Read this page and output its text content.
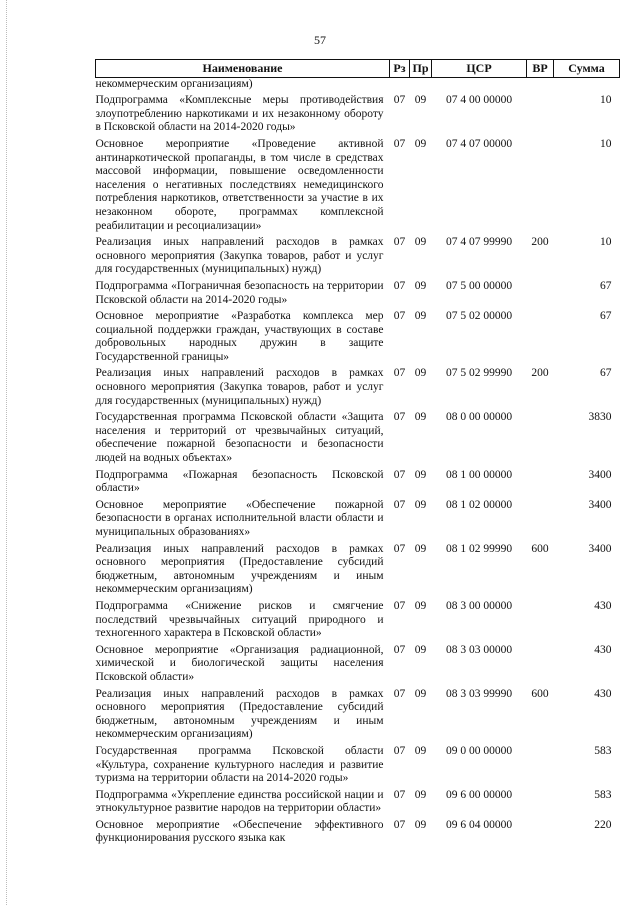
57
Наименование	Рз	Пр	ЦСР	ВР	Сумма
некоммерческим организациям)					
Подпрограмма «Комплексные меры противодействия злоупотреблению наркотиками и их незаконному обороту в Псковской области на 2014-2020 годы»	07	09	07 4 00 00000		10
Основное мероприятие «Проведение активной антинаркотической пропаганды, в том числе в средствах массовой информации, повышение осведомленности населения о негативных последствиях немедицинского потребления наркотиков, ответственности за участие в их незаконном обороте, программах комплексной реабилитации и ресоциализации»	07	09	07 4 07 00000		10
Реализация иных направлений расходов в рамках основного мероприятия (Закупка товаров, работ и услуг для государственных (муниципальных) нужд)	07	09	07 4 07 99990	200	10
Подпрограмма «Пограничная безопасность на территории Псковской области на 2014-2020 годы»	07	09	07 5 00 00000		67
Основное мероприятие «Разработка комплекса мер социальной поддержки граждан, участвующих в составе добровольных народных дружин в защите Государственной границы»	07	09	07 5 02 00000		67
Реализация иных направлений расходов в рамках основного мероприятия (Закупка товаров, работ и услуг для государственных (муниципальных) нужд)	07	09	07 5 02 99990	200	67
Государственная программа Псковской области «Защита населения и территорий от чрезвычайных ситуаций, обеспечение пожарной безопасности и безопасности людей на водных объектах»	07	09	08 0 00 00000		3830
Подпрограмма «Пожарная безопасность Псковской области»	07	09	08 1 00 00000		3400
Основное мероприятие «Обеспечение пожарной безопасности в органах исполнительной власти области и муниципальных образованиях»	07	09	08 1 02 00000		3400
Реализация иных направлений расходов в рамках основного мероприятия (Предоставление субсидий бюджетным, автономным учреждениям и иным некоммерческим организациям)	07	09	08 1 02 99990	600	3400
Подпрограмма «Снижение рисков и смягчение последствий чрезвычайных ситуаций природного и техногенного характера в Псковской области»	07	09	08 3 00 00000		430
Основное мероприятие «Организация радиационной, химической и биологической защиты населения Псковской области»	07	09	08 3 03 00000		430
Реализация иных направлений расходов в рамках основного мероприятия (Предоставление субсидий бюджетным, автономным учреждениям и иным некоммерческим организациям)	07	09	08 3 03 99990	600	430
Государственная программа Псковской области «Культура, сохранение культурного наследия и развитие туризма на территории области на 2014-2020 годы»	07	09	09 0 00 00000		583
Подпрограмма «Укрепление единства российской нации и этнокультурное развитие народов на территории области»	07	09	09 6 00 00000		583
Основное мероприятие «Обеспечение эффективного функционирования русского языка как	07	09	09 6 04 00000		220
